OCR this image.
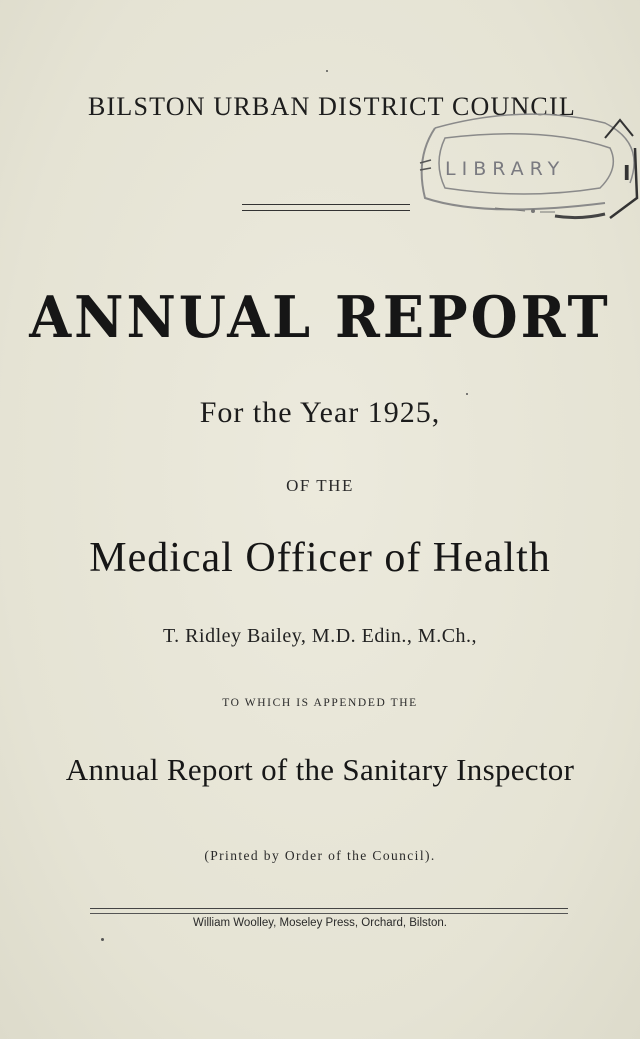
BILSTON URBAN DISTRICT COUNCIL
LIBRARY	I
ANNUAL REPORT
For the Year 1925,
OF THE
Medical Officer of Health
T. Ridley Bailey, M.D. Edin., M.Ch.,
TO WHICH IS APPENDED THE
Annual Report of the Sanitary Inspector
(Printed by Order of the Council).
William Woolley, Moseley Press, Orchard, Bilston.
